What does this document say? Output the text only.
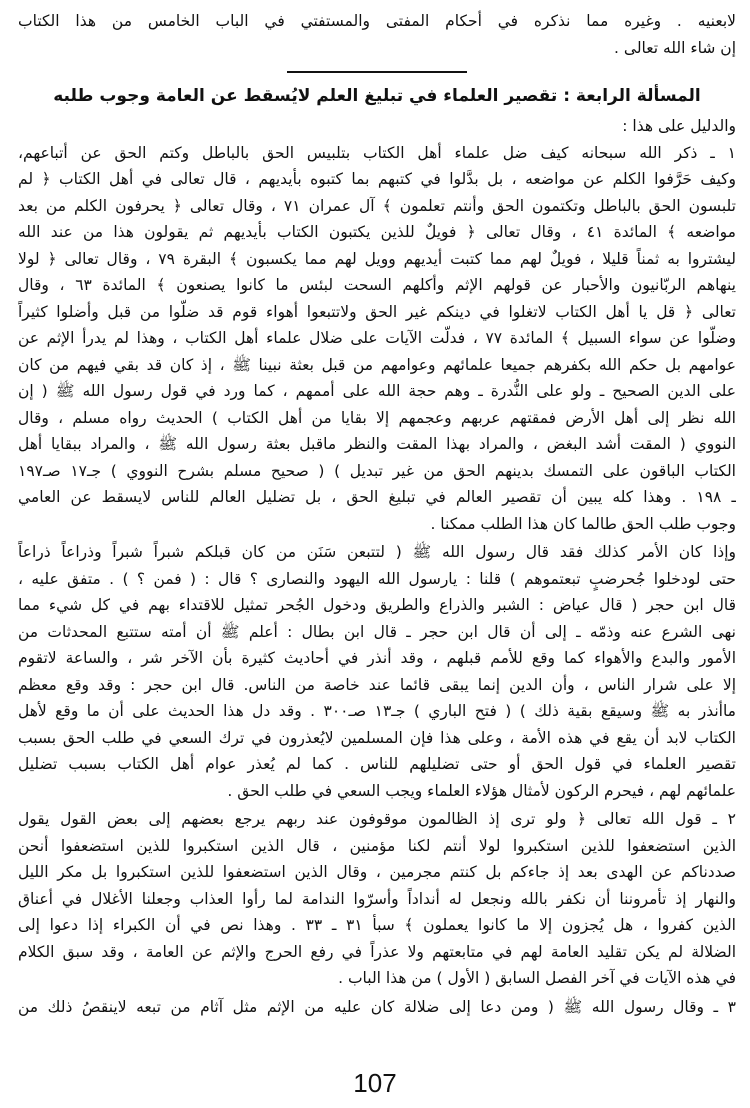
لابعنيه . وغيره مما نذكره في أحكام المفتى والمستفتي في الباب الخامس من هذا الكتاب
إن شاء الله تعالى .
المسألة الرابعة : تقصير العلماء في تبليغ العلم لايُسقط عن العامة وجوب طلبه
والدليل على هذا :
١ ـ ذكر الله سبحانه كيف ضل علماء أهل الكتاب بتلبيس الحق بالباطل وكتم الحق عن أتباعهم،
وكيف حَرَّفوا الكلم عن مواضعه ، بل بدَّلوا في كتبهم بما كتبوه بأيديهم ، قال تعالى في أهل الكتاب ﴿ لم
تلبسون الحق بالباطل وتكتمون الحق وأنتم تعلمون ﴾ آل عمران ٧١ ، وقال تعالى ﴿ يحرفون الكلم من بعد
مواضعه ﴾ المائدة ٤١ ، وقال تعالى ﴿ فويلٌ للذين يكتبون الكتاب بأيديهم ثم يقولون هذا من عند الله
ليشتروا به ثمناً قليلا ، فويلٌ لهم مما كتبت أيديهم وويل لهم مما يكسبون ﴾ البقرة ٧٩ ، وقال تعالى ﴿ لولا
ينهاهم الربّانيون والأحبار عن قولهم الإثم وأكلهم السحت لبئس ما كانوا يصنعون ﴾ المائدة ٦٣ ، وقال
تعالى ﴿ قل يا أهل الكتاب لاتغلوا في دينكم غير الحق ولاتتبعوا أهواء قوم قد ضلّوا من قبل وأضلوا كثيراً
وضلّوا عن سواء السبيل ﴾ المائدة ٧٧ ، فدلّت الآيات على ضلال علماء أهل الكتاب ، وهذا لم يدرأ الإثم عن
عوامهم بل حكم الله بكفرهم جميعا علمائهم وعوامهم من قبل بعثة نبينا ﷺ ، إذ كان قد بقي فيهم من كان
على الدين الصحيح ـ ولو على النُّدرة ـ وهم حجة الله على أممهم ، كما ورد في قول رسول الله ﷺ ( إن
الله نظر إلى أهل الأرض فمقتهم عربهم وعجمهم إلا بقايا من أهل الكتاب ) الحديث رواه مسلم ، وقال
النووي ( المقت أشد البغض ، والمراد بهذا المقت والنظر ماقبل بعثة رسول الله ﷺ ، والمراد ببقايا أهل
الكتاب الباقون على التمسك بدينهم الحق من غير تبديل ) ( صحيح مسلم بشرح النووي ) جـ١٧ صـ١٩٧
ـ ١٩٨ . وهذا كله يبين أن تقصير العالم في تبليغ الحق ، بل تضليل العالم للناس لايسقط عن العامي
وجوب طلب الحق طالما كان هذا الطلب ممكنا .
وإذا كان الأمر كذلك فقد قال رسول الله ﷺ ( لتتبعن سَنَن من كان قبلكم شبراً شبراً وذراعاً ذراعاً
حتى لودخلوا جُحرضبٍ تبعتموهم ) قلنا : يارسول الله اليهود والنصارى ؟ قال : ( فمن ؟ ) . متفق عليه ،
قال ابن حجر ( قال عياض : الشبر والذراع والطريق ودخول الجُحر تمثيل للاقتداء بهم في كل شيء مما
نهى الشرع عنه وذمّه ـ إلى أن قال ابن حجر ـ قال ابن بطال : أعلم ﷺ أن أمته ستتبع المحدثات من
الأمور والبدع والأهواء كما وقع للأمم قبلهم ، وقد أنذر في أحاديث كثيرة بأن الآخر شر ، والساعة لاتقوم
إلا على شرار الناس ، وأن الدين إنما يبقى قائما عند خاصة من الناس. قال ابن حجر : وقد وقع معظم
ماأنذر به ﷺ وسيقع بقية ذلك ) ( فتح الباري ) جـ١٣ صـ٣٠٠ . وقد دل هذا الحديث على أن ما وقع لأهل
الكتاب لابد أن يقع في هذه الأمة ، وعلى هذا فإن المسلمين لايُعذرون في ترك السعي في طلب الحق بسبب
تقصير العلماء في قول الحق أو حتى تضليلهم للناس . كما لم يُعذر عوام أهل الكتاب بسبب تضليل
علمائهم لهم ، فيحرم الركون لأمثال هؤلاء العلماء ويجب السعي في طلب الحق .
٢ ـ قول الله تعالى ﴿ ولو ترى إذ الظالمون موقوفون عند ربهم يرجع بعضهم إلى بعض القول يقول
الذين استضعفوا للذين استكبروا لولا أنتم لكنا مؤمنين ، قال الذين استكبروا للذين استضعفوا أنحن
صددناكم عن الهدى بعد إذ جاءكم بل كنتم مجرمين ، وقال الذين استضعفوا للذين استكبروا بل مكر الليل
والنهار إذ تأمروننا أن نكفر بالله ونجعل له أنداداً وأسرّوا الندامة لما رأوا العذاب وجعلنا الأغلال في أعناق
الذين كفروا ، هل يُجزون إلا ما كانوا يعملون ﴾ سبأ ٣١ ـ ٣٣ . وهذا نص في أن الكبراء إذا دعوا إلى
الضلالة لم يكن تقليد العامة لهم في متابعتهم ولا عذراً في رفع الحرج والإثم عن العامة ، وقد سبق الكلام
في هذه الآيات في آخر الفصل السابق ( الأول ) من هذا الباب .
٣ ـ وقال رسول الله ﷺ ( ومن دعا إلى ضلالة كان عليه من الإثم مثل آثام من تبعه لاينقصُ ذلك من
107
